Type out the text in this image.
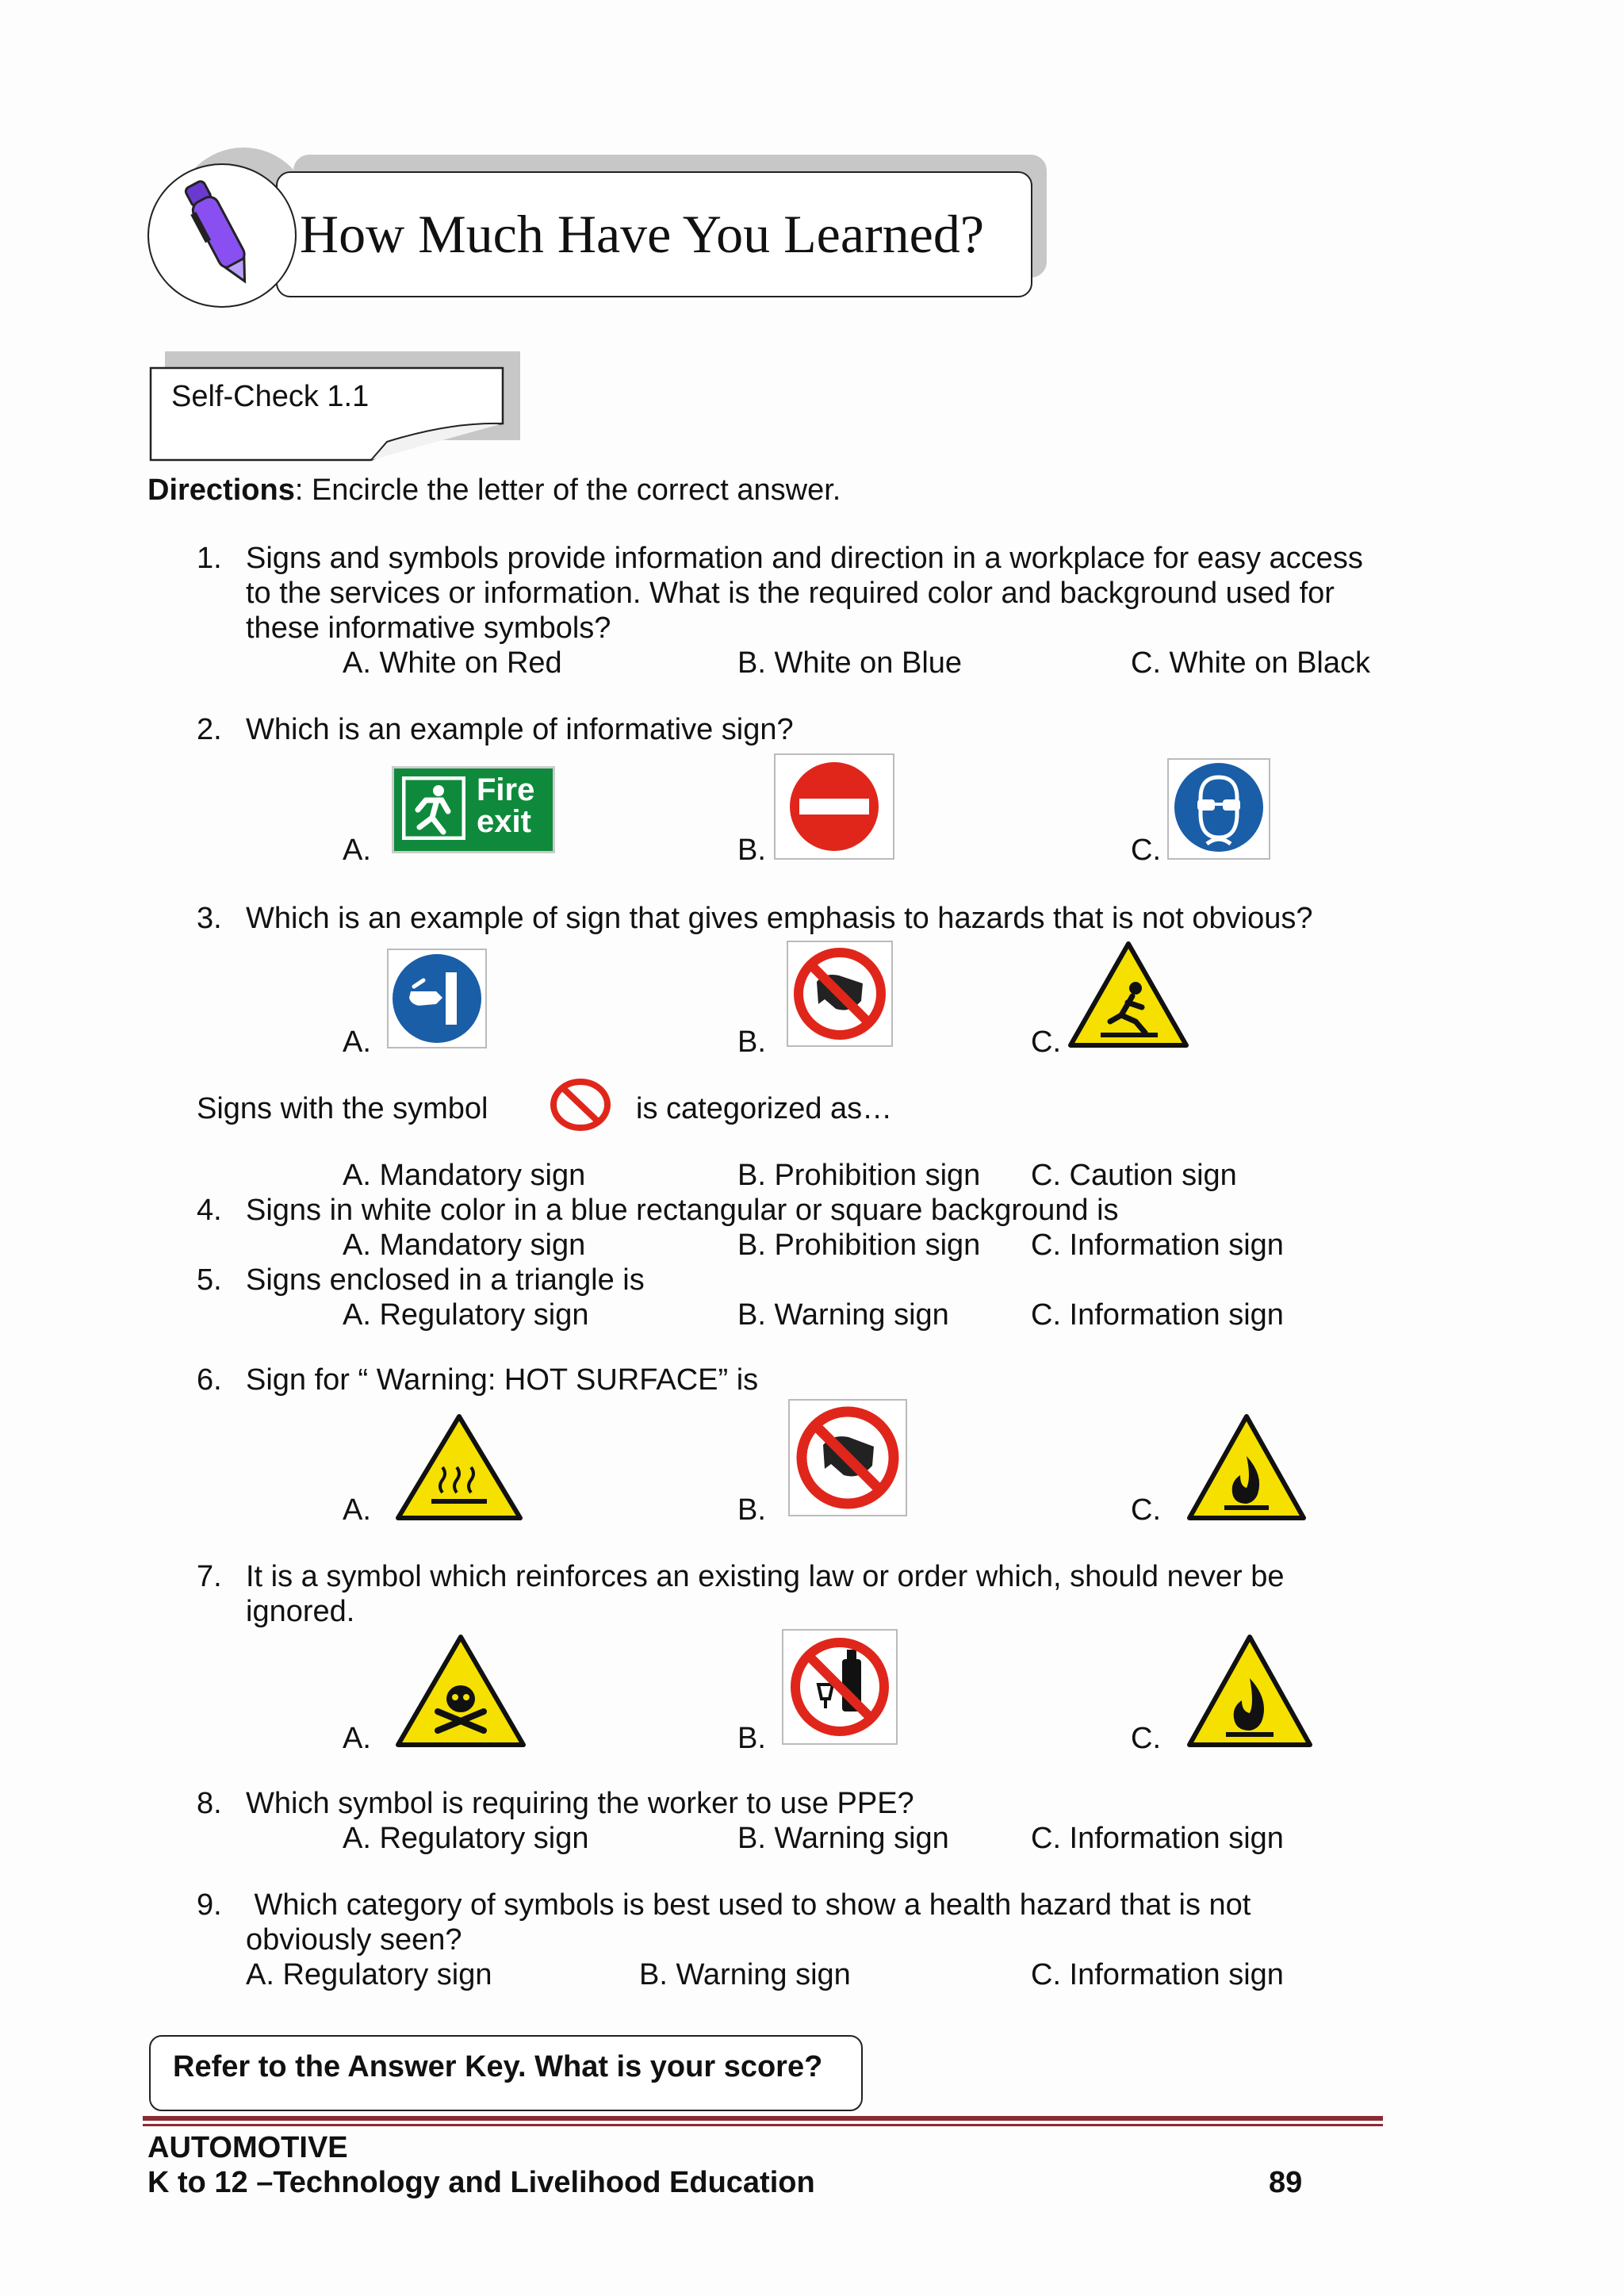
How Much Have You Learned?
Self-Check 1.1
Directions: Encircle the letter of the correct answer.
1. Signs and symbols provide information and direction in a workplace for easy access
to the services or information. What is the required color and background used for
these informative symbols?
A. White on Red	B. White on Blue	C. White on Black
2. Which is an example of informative sign?
A.	B.	C.
Fire
exit
3. Which is an example of sign that gives emphasis to hazards that is not obvious?
A.	B.	C.
Signs with the symbol	is categorized as…
A. Mandatory sign	B. Prohibition sign C. Caution sign
4. Signs in white color in a blue rectangular or square background is
A. Mandatory sign	B. Prohibition sign C. Information sign
5. Signs enclosed in a triangle is
A. Regulatory sign	B. Warning sign	C. Information sign
6. Sign for “ Warning: HOT SURFACE” is
A.	B.	C.
7. It is a symbol which reinforces an existing law or order which, should never be
ignored.
A.	B.	C.
8. Which symbol is requiring the worker to use PPE?
A. Regulatory sign	B. Warning sign	C. Information sign
9. Which category of symbols is best used to show a health hazard that is not
obviously seen?
A. Regulatory sign	B. Warning sign	C. Information sign
Refer to the Answer Key. What is your score?
AUTOMOTIVE
K to 12 –Technology and Livelihood Education	89
